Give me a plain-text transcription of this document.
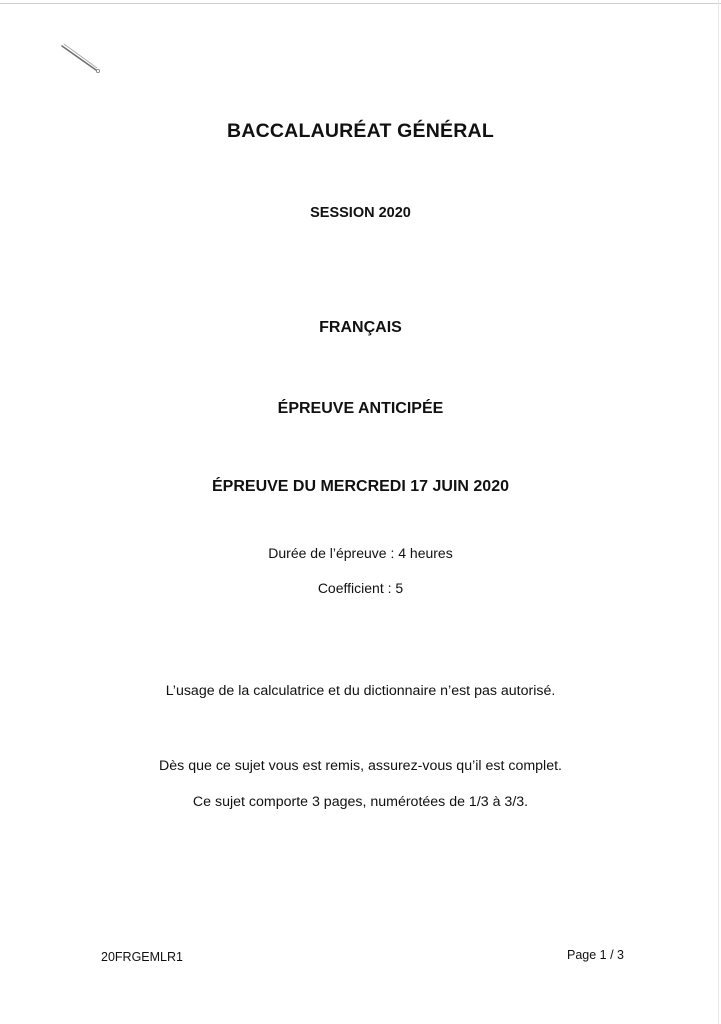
BACCALAURÉAT GÉNÉRAL
SESSION 2020
FRANÇAIS
ÉPREUVE ANTICIPÉE
ÉPREUVE DU MERCREDI 17 JUIN 2020
Durée de l’épreuve : 4 heures
Coefficient : 5
L’usage de la calculatrice et du dictionnaire n’est pas autorisé.
Dès que ce sujet vous est remis, assurez-vous qu’il est complet.
Ce sujet comporte 3 pages, numérotées de 1/3 à 3/3.
20FRGEMLR1	Page 1 / 3
